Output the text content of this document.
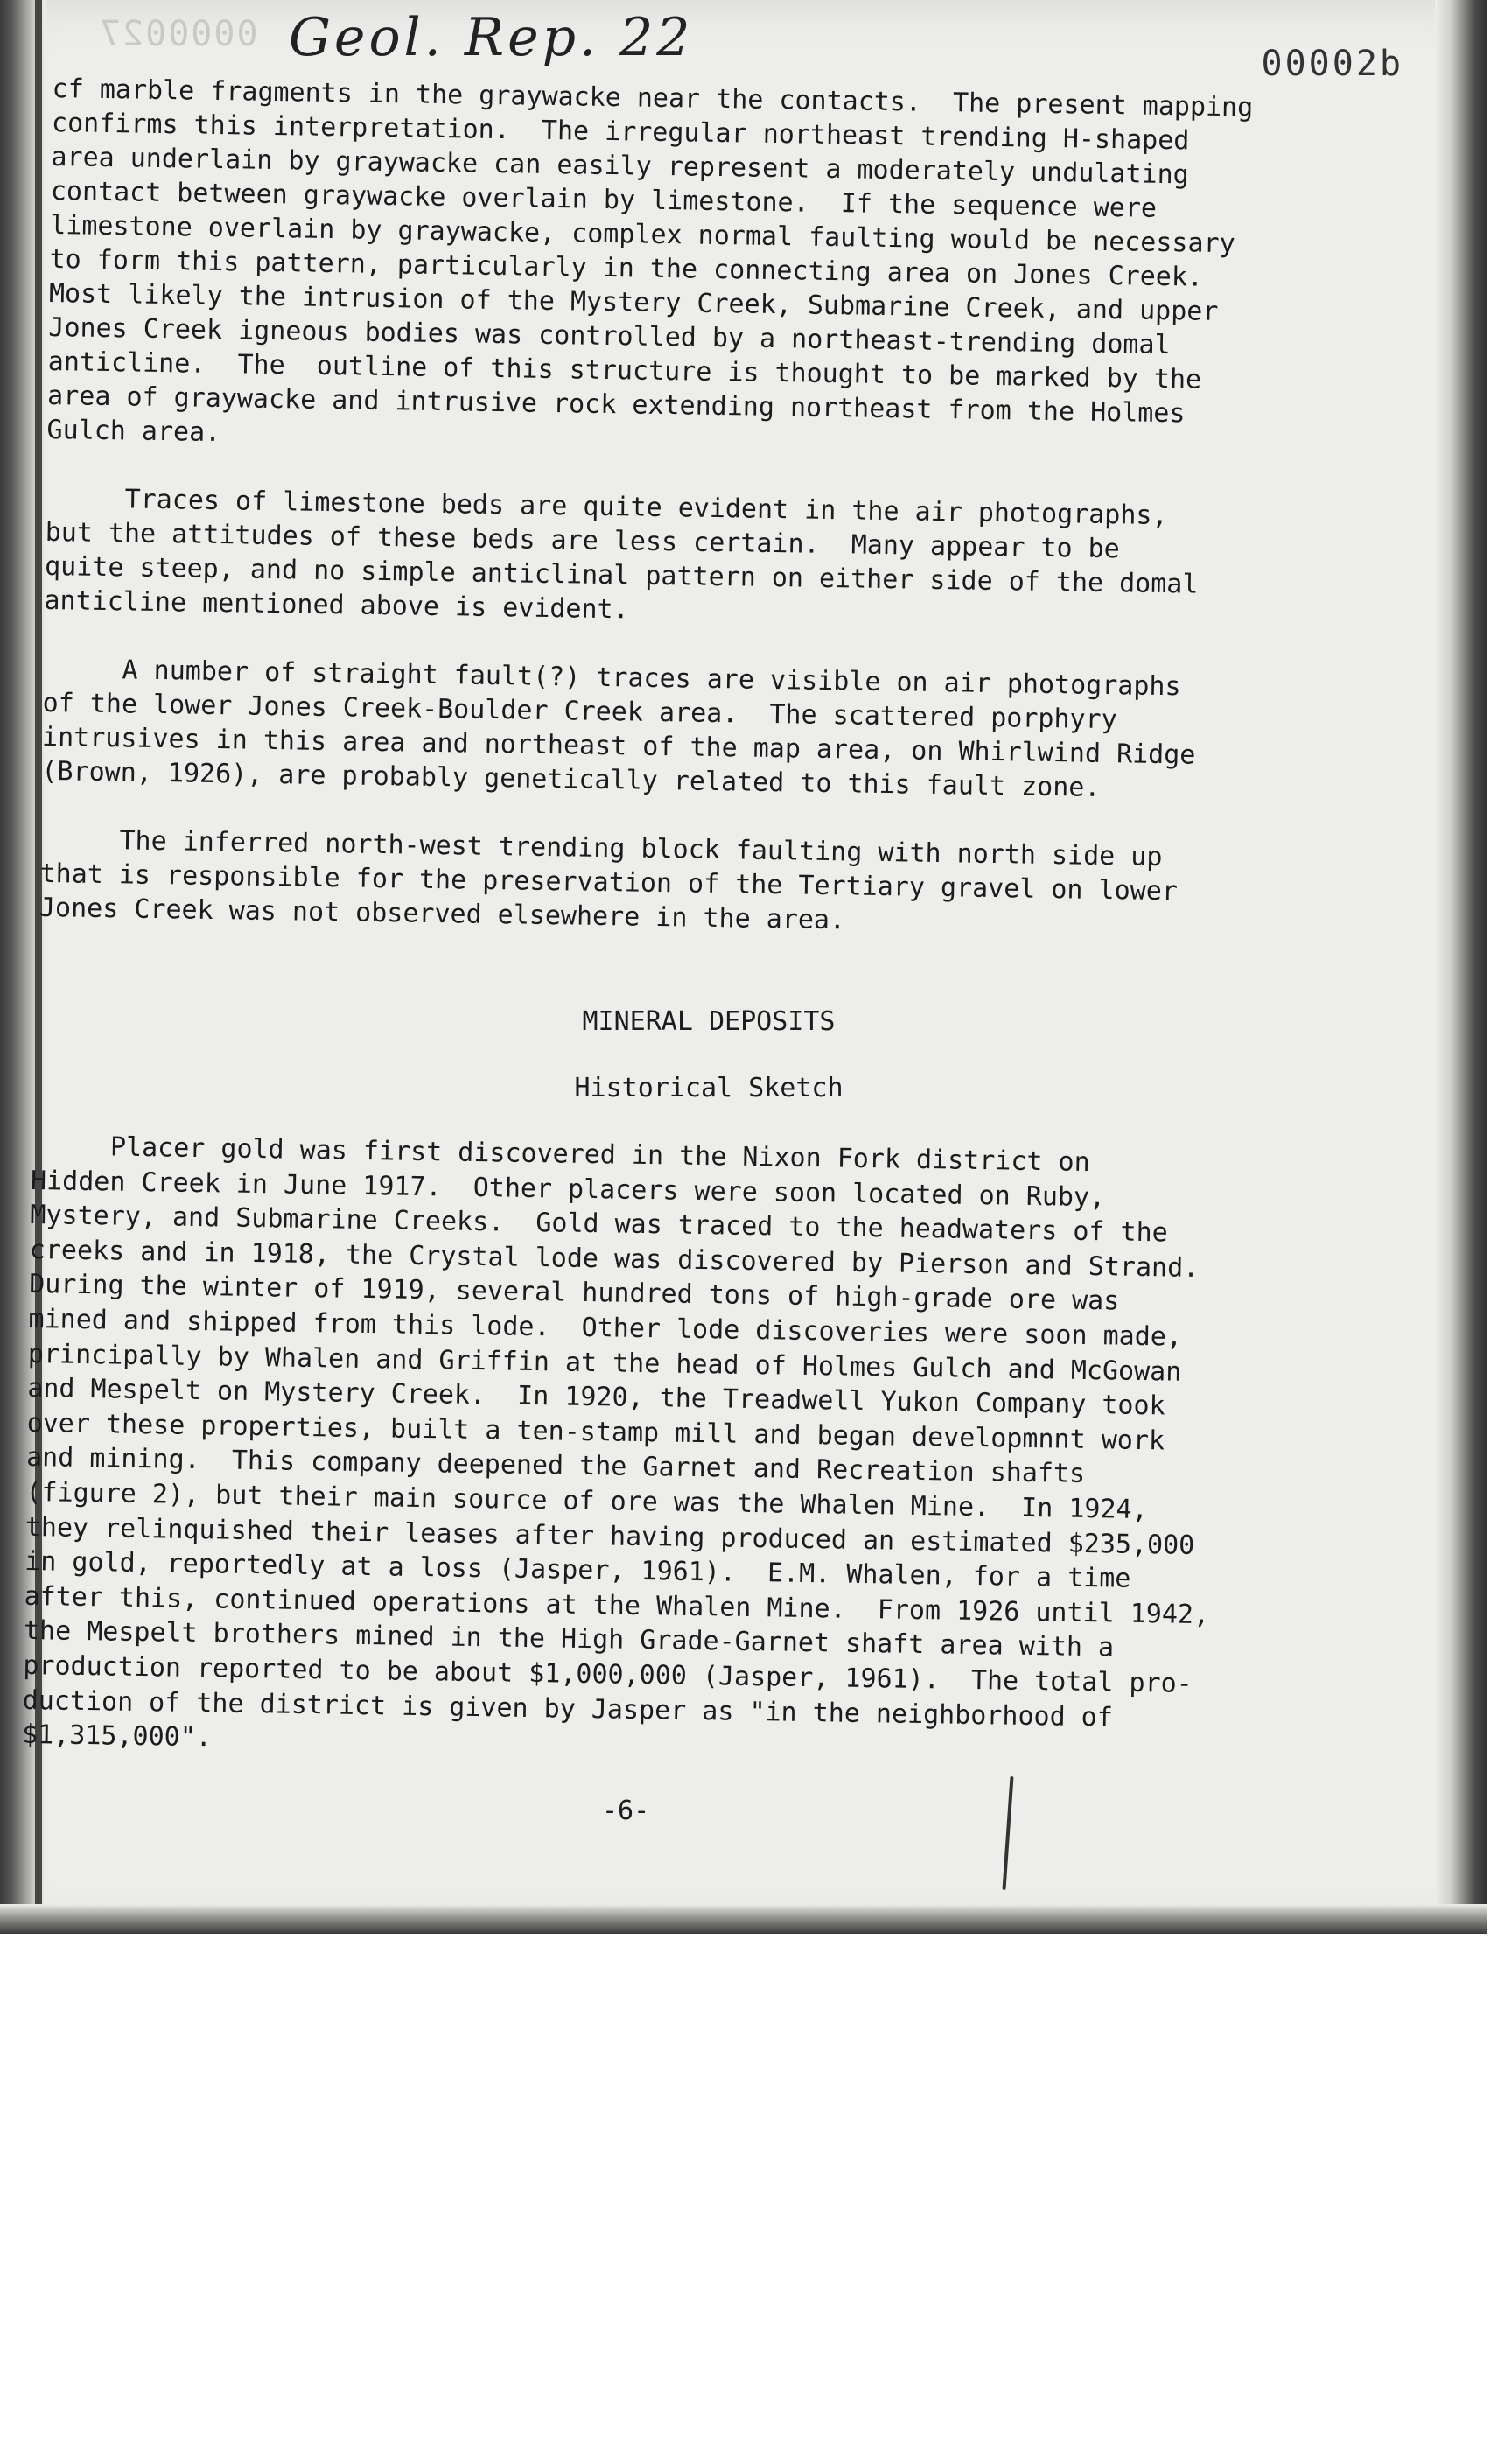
0000027 Geol. Rep. 22	00002b
cf marble fragments in the graywacke near the contacts.  The present mapping
confirms this interpretation.  The irregular northeast trending H-shaped
area underlain by graywacke can easily represent a moderately undulating
contact between graywacke overlain by limestone.  If the sequence were
limestone overlain by graywacke, complex normal faulting would be necessary
to form this pattern, particularly in the connecting area on Jones Creek.
Most likely the intrusion of the Mystery Creek, Submarine Creek, and upper
Jones Creek igneous bodies was controlled by a northeast-trending domal
anticline.  The  outline of this structure is thought to be marked by the
area of graywacke and intrusive rock extending northeast from the Holmes
Gulch area.

Traces of limestone beds are quite evident in the air photographs,
but the attitudes of these beds are less certain.  Many appear to be
quite steep, and no simple anticlinal pattern on either side of the domal
anticline mentioned above is evident.

A number of straight fault(?) traces are visible on air photographs
of the lower Jones Creek-Boulder Creek area.  The scattered porphyry
intrusives in this area and northeast of the map area, on Whirlwind Ridge
(Brown, 1926), are probably genetically related to this fault zone.

The inferred north-west trending block faulting with north side up
that is responsible for the preservation of the Tertiary gravel on lower
Jones Creek was not observed elsewhere in the area.
MINERAL DEPOSITS
Historical Sketch
Placer gold was first discovered in the Nixon Fork district on
Hidden Creek in June 1917.  Other placers were soon located on Ruby,
Mystery, and Submarine Creeks.  Gold was traced to the headwaters of the
creeks and in 1918, the Crystal lode was discovered by Pierson and Strand.
During the winter of 1919, several hundred tons of high-grade ore was
mined and shipped from this lode.  Other lode discoveries were soon made,
principally by Whalen and Griffin at the head of Holmes Gulch and McGowan
and Mespelt on Mystery Creek.  In 1920, the Treadwell Yukon Company took
over these properties, built a ten-stamp mill and began developmnnt work
and mining.  This company deepened the Garnet and Recreation shafts
(figure 2), but their main source of ore was the Whalen Mine.  In 1924,
they relinquished their leases after having produced an estimated $235,000
in gold, reportedly at a loss (Jasper, 1961).  E.M. Whalen, for a time
after this, continued operations at the Whalen Mine.  From 1926 until 1942,
the Mespelt brothers mined in the High Grade-Garnet shaft area with a
production reported to be about $1,000,000 (Jasper, 1961).  The total pro-
duction of the district is given by Jasper as "in the neighborhood of
$1,315,000".
-6-
